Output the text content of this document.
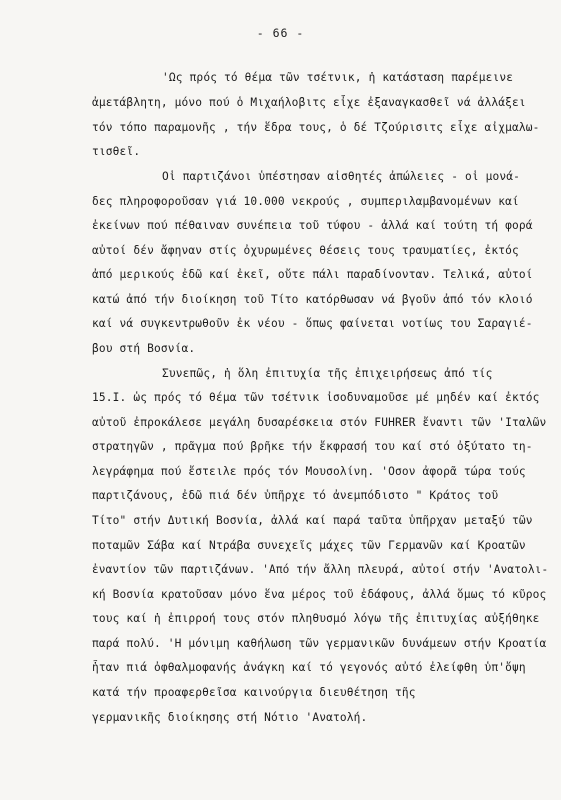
- 66 -
'Ως πρός τό θέμα τῶν τσέτνικ, ἡ κατάσταση παρέμεινε
ἀμετάβλητη, μόνο πού ὁ Μιχαήλοβιτς εἶχε ἐξαναγκασθεῖ νά ἀλλάξει
τόν τόπο παραμονῆς , τήν ἕδρα τους, ὁ δέ Τζούρισιτς εἶχε αἰχμαλω-
τισθεῖ.
Οἱ παρτιζάνοι ὑπέστησαν αἰσθητές ἀπώλειες - οἱ μονά-
δες πληροφοροῦσαν γιά 10.000 νεκρούς , συμπεριλαμβανομένων καί
ἐκείνων πού πέθαιναν συνέπεια τοῦ τύφου - ἀλλά καί τούτη τή φορά
αὐτοί δέν ἄφηναν στίς ὀχυρωμένες θέσεις τους τραυματίες, ἐκτός
ἀπό μερικούς ἐδῶ καί ἐκεῖ, οὔτε πάλι παραδίνονταν. Τελικά, αὐτοί
κατώ ἀπό τήν διοίκηση τοῦ Τίτο κατόρθωσαν νά βγοῦν ἀπό τόν κλοιό
καί νά συγκεντρωθοῦν ἐκ νέου - ὅπως φαίνεται νοτίως του Σαραγιέ-
βου στή Βοσνία.
Συνεπῶς, ἡ ὅλη ἐπιτυχία τῆς ἐπιχειρήσεως ἀπό τίς
15.Ι. ὡς πρός τό θέμα τῶν τσέτνικ ἰσοδυναμοῦσε μέ μηδέν καί ἐκτός
αὐτοῦ ἐπροκάλεσε μεγάλη δυσαρέσκεια στόν FUHRER ἔναντι τῶν 'Ιταλῶν
στρατηγῶν , πρᾶγμα πού βρῆκε τήν ἔκφρασή του καί στό ὀξύτατο τη-
λεγράφημα πού ἔστειλε πρός τόν Μουσολίνη. 'Οσον ἀφορᾶ τώρα τούς
παρτιζάνους, ἐδῶ πιά δέν ὑπῆρχε τό ἀνεμπόδιστο " Κράτος τοῦ
Τίτο" στήν Δυτική Βοσνία, ἀλλά καί παρά ταῦτα ὑπῆρχαν μεταξύ τῶν
ποταμῶν Σάβα καί Ντράβα συνεχεῖς μάχες τῶν Γερμανῶν καί Κροατῶν
ἐναντίον τῶν παρτιζάνων. 'Από τήν ἄλλη πλευρά, αὐτοί στήν 'Ανατολι-
κή Βοσνία κρατοῦσαν μόνο ἕνα μέρος τοῦ ἐδάφους, ἀλλά ὅμως τό κῦρος
τους καί ἡ ἐπιρροή τους στόν πληθυσμό λόγω τῆς ἐπιτυχίας αὐξήθηκε
παρά πολύ. 'Η μόνιμη καθήλωση τῶν γερμανικῶν δυνάμεων στήν Κροατία
ἦταν πιά ὀφθαλμοφανής ἀνάγκη καί τό γεγονός αὐτό ἐλείφθη ὑπ'ὄψη
κατά τήν προαφερθεῖσα καινούργια διευθέτηση τῆς
γερμανικῆς διοίκησης στή Νότιο 'Ανατολή.
